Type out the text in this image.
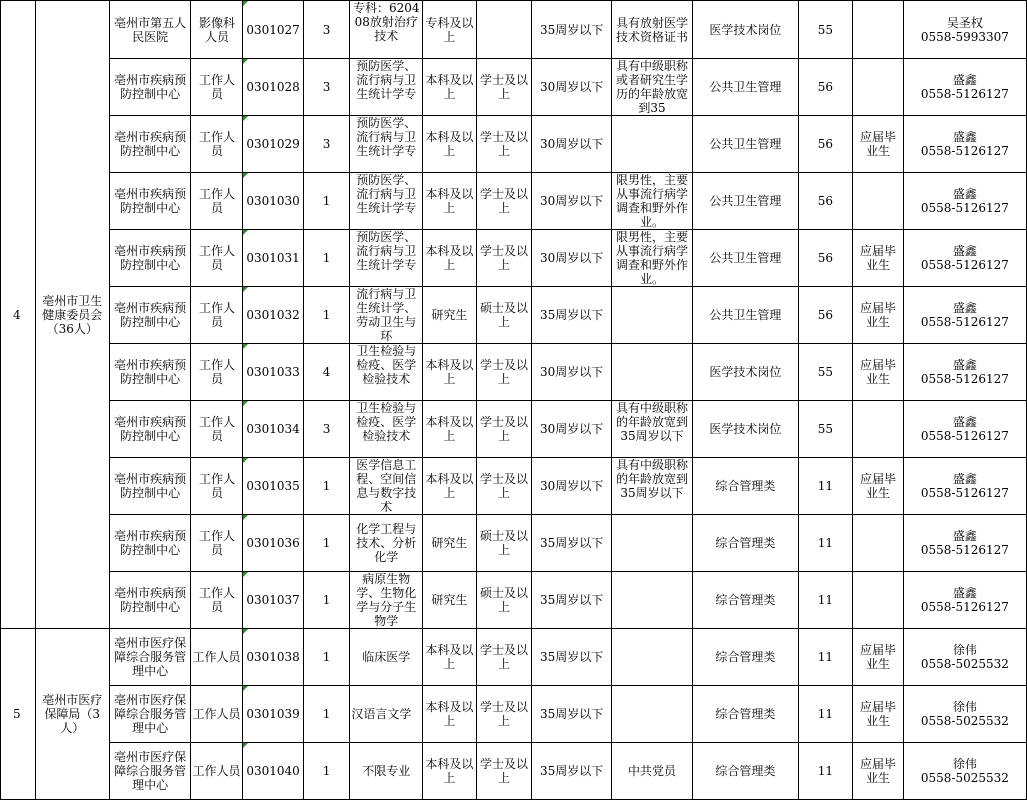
4	亳州市卫生健康委员会（36人）	亳州市第五人民医院	影像科人员	0301027	3	专科：620408放射治疗技术	专科及以上		35周岁以下	具有放射医学技术资格证书	医学技术岗位	55		吴圣权
0558-5993307

		亳州市疾病预防控制中心	工作人员	0301028	3	预防医学、流行病与卫生统计学专	本科及以上	学士及以上	30周岁以下	具有中级职称或者研究生学历的年龄放宽到35	公共卫生管理	56		盛鑫
0558-5126127

		亳州市疾病预防控制中心	工作人员	0301029	3	预防医学、流行病与卫生统计学专	本科及以上	学士及以上	30周岁以下		公共卫生管理	56	应届毕业生	盛鑫
0558-5126127

		亳州市疾病预防控制中心	工作人员	0301030	1	预防医学、流行病与卫生统计学专	本科及以上	学士及以上	30周岁以下	限男性，主要从事流行病学调查和野外作业。	公共卫生管理	56		盛鑫
0558-5126127

		亳州市疾病预防控制中心	工作人员	0301031	1	预防医学、流行病与卫生统计学专	本科及以上	学士及以上	30周岁以下	限男性，主要从事流行病学调查和野外作业。	公共卫生管理	56	应届毕业生	盛鑫
0558-5126127

		亳州市疾病预防控制中心	工作人员	0301032	1	流行病与卫生统计学、劳动卫生与环	研究生	硕士及以上	35周岁以下		公共卫生管理	56	应届毕业生	盛鑫
0558-5126127

		亳州市疾病预防控制中心	工作人员	0301033	4	卫生检验与检疫、医学检验技术	本科及以上	学士及以上	30周岁以下		医学技术岗位	55	应届毕业生	盛鑫
0558-5126127

		亳州市疾病预防控制中心	工作人员	0301034	3	卫生检验与检疫、医学检验技术	本科及以上	学士及以上	30周岁以下	具有中级职称的年龄放宽到35周岁以下	医学技术岗位	55		盛鑫
0558-5126127

		亳州市疾病预防控制中心	工作人员	0301035	1	医学信息工程、空间信息与数字技术	本科及以上	学士及以上	30周岁以下	具有中级职称的年龄放宽到35周岁以下	综合管理类	11	应届毕业生	盛鑫
0558-5126127

		亳州市疾病预防控制中心	工作人员	0301036	1	化学工程与技术、分析化学	研究生	硕士及以上	35周岁以下		综合管理类	11		盛鑫
0558-5126127

		亳州市疾病预防控制中心	工作人员	0301037	1	病原生物学、生物化学与分子生物学	研究生	硕士及以上	35周岁以下		综合管理类	11		盛鑫
0558-5126127

5	亳州市医疗保障局（3人）	亳州市医疗保障综合服务管理中心	工作人员	0301038	1	临床医学	本科及以上	学士及以上	35周岁以下		综合管理类	11	应届毕业生	徐伟
0558-5025532

		亳州市医疗保障综合服务管理中心	工作人员	0301039	1	汉语言文学	本科及以上	学士及以上	35周岁以下		综合管理类	11	应届毕业生	徐伟
0558-5025532

		亳州市医疗保障综合服务管理中心	工作人员	0301040	1	不限专业	本科及以上	学士及以上	35周岁以下	中共党员	综合管理类	11	应届毕业生	徐伟
0558-5025532
